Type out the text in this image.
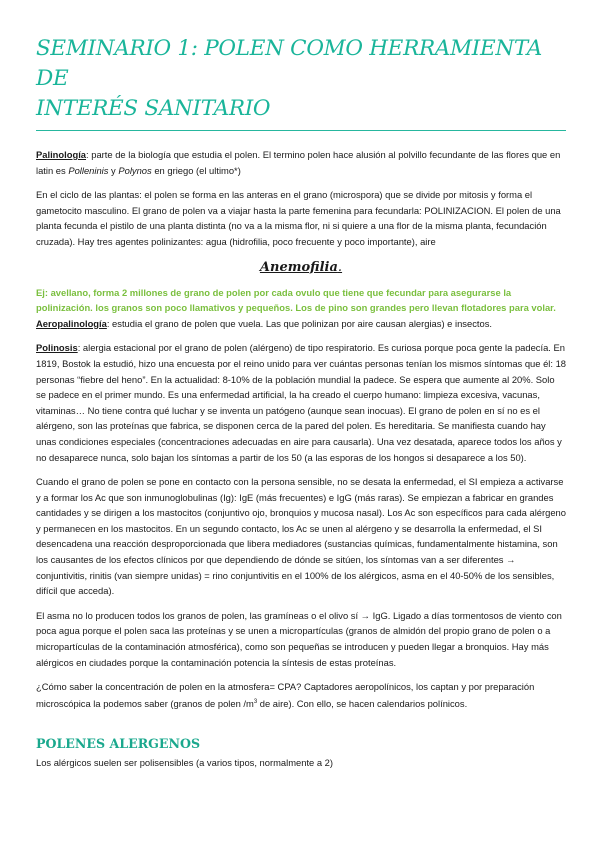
SEMINARIO 1: POLEN COMO HERRAMIENTA DE
INTERÉS SANITARIO

Palinología: parte de la biología que estudia el polen. El termino polen hace alusión al polvillo fecundante de las flores que en latin es Polleninis y Polynos en griego (el ultimo*)

En el ciclo de las plantas: el polen se forma en las anteras en el grano (microspora) que se divide por mitosis y forma el gametocito masculino. El grano de polen va a viajar hasta la parte femenina para fecundarla: POLINIZACION. El polen de una planta fecunda el pistilo de una planta distinta (no va a la misma flor, ni si quiere a una flor de la misma planta, fecundación cruzada). Hay tres agentes polinizantes: agua (hidrofilia, poco frecuente y poco importante), aire

Anemofilia.

Ej: avellano, forma 2 millones de grano de polen por cada ovulo que tiene que fecundar para asegurarse la polinización. los granos son poco llamativos y pequeños. Los de pino son grandes pero llevan flotadores para volar. Aeropalinología: estudia el grano de polen que vuela. Las que polinizan por aire causan alergias) e insectos.

Polinosis: alergia estacional por el grano de polen (alérgeno) de tipo respiratorio. Es curiosa porque poca gente la padecía. En 1819, Bostok la estudió, hizo una encuesta por el reino unido para ver cuántas personas tenían los mismos síntomas que él: 18 personas “fiebre del heno”. En la actualidad: 8-10% de la población mundial la padece. Se espera que aumente al 20%. Solo se padece en el primer mundo. Es una enfermedad artificial, la ha creado el cuerpo humano: limpieza excesiva, vacunas, vitaminas… No tiene contra qué luchar y se inventa un patógeno (aunque sean inocuas). El grano de polen en sí no es el alérgeno, son las proteínas que fabrica, se disponen cerca de la pared del polen. Es hereditaria. Se manifiesta cuando hay unas condiciones especiales (concentraciones adecuadas en aire para causarla). Una vez desatada, aparece todos los años y no desaparece nunca, solo bajan los síntomas a partir de los 50 (a las esporas de los hongos si desaparece a los 50).

Cuando el grano de polen se pone en contacto con la persona sensible, no se desata la enfermedad, el SI empieza a activarse y a formar los Ac que son inmunoglobulinas (Ig): IgE (más frecuentes) e IgG (más raras). Se empiezan a fabricar en grandes cantidades y se dirigen a los mastocitos (conjuntivo ojo, bronquios y mucosa nasal). Los Ac son específicos para cada alérgeno y permanecen en los mastocitos. En un segundo contacto, los Ac se unen al alérgeno y se desarrolla la enfermedad, el SI desencadena una reacción desproporcionada que libera mediadores (sustancias químicas, fundamentalmente histamina, son los causantes de los efectos clínicos por que dependiendo de dónde se sitúen, los síntomas van a ser diferentes → conjuntivitis, rinitis (van siempre unidas) = rino conjuntivitis en el 100% de los alérgicos, asma en el 40-50% de los sensibles, difícil que acceda).

El asma no lo producen todos los granos de polen, las gramíneas o el olivo sí → IgG. Ligado a días tormentosos de viento con poca agua porque el polen saca las proteínas y se unen a micropartículas (granos de almidón del propio grano de polen o a micropartículas de la contaminación atmosférica), como son pequeñas se introducen y pueden llegar a bronquios. Hay más alérgicos en ciudades porque la contaminación potencia la síntesis de estas proteínas.

¿Cómo saber la concentración de polen en la atmosfera= CPA? Captadores aeropolínicos, los captan y por preparación microscópica la podemos saber (granos de polen $/m^3$ de aire). Con ello, se hacen calendarios polínicos.

POLENES ALERGENOS

Los alérgicos suelen ser polisensibles (a varios tipos, normalmente a 2)
